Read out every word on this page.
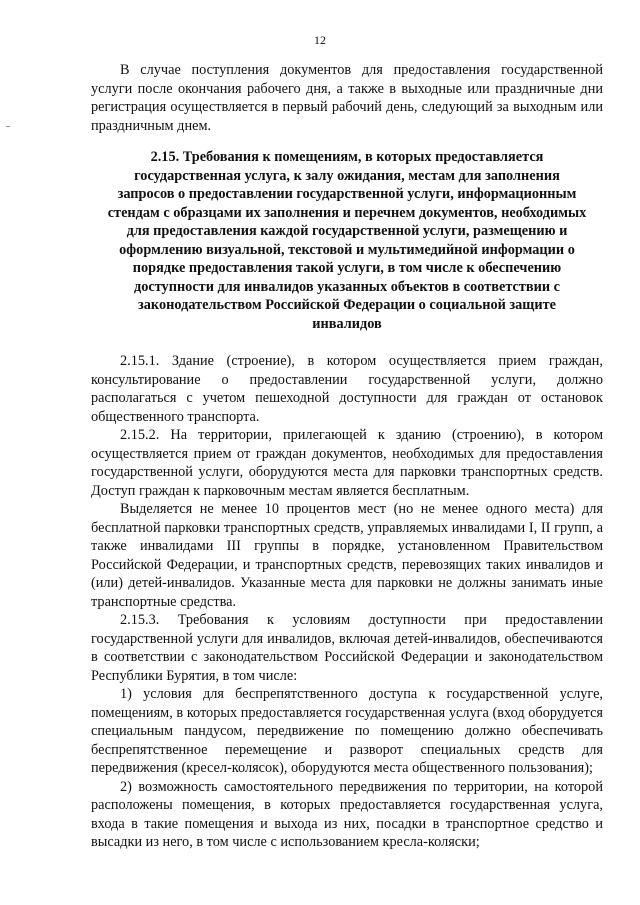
12

В случае поступления документов для предоставления государственной услуги после окончания рабочего дня, а также в выходные или праздничные дни регистрация осуществляется в первый рабочий день, следующий за выходным или праздничным днем.

2.15. Требования к помещениям, в которых предоставляется государственная услуга, к залу ожидания, местам для заполнения запросов о предоставлении государственной услуги, информационным стендам с образцами их заполнения и перечнем документов, необходимых для предоставления каждой государственной услуги, размещению и оформлению визуальной, текстовой и мультимедийной информации о порядке предоставления такой услуги, в том числе к обеспечению доступности для инвалидов указанных объектов в соответствии с законодательством Российской Федерации о социальной защите инвалидов

2.15.1. Здание (строение), в котором осуществляется прием граждан, консультирование о предоставлении государственной услуги, должно располагаться с учетом пешеходной доступности для граждан от остановок общественного транспорта.

2.15.2. На территории, прилегающей к зданию (строению), в котором осуществляется прием от граждан документов, необходимых для предоставления государственной услуги, оборудуются места для парковки транспортных средств. Доступ граждан к парковочным местам является бесплатным.

Выделяется не менее 10 процентов мест (но не менее одного места) для бесплатной парковки транспортных средств, управляемых инвалидами I, II групп, а также инвалидами III группы в порядке, установленном Правительством Российской Федерации, и транспортных средств, перевозящих таких инвалидов и (или) детей-инвалидов. Указанные места для парковки не должны занимать иные транспортные средства.

2.15.3. Требования к условиям доступности при предоставлении государственной услуги для инвалидов, включая детей-инвалидов, обеспечиваются в соответствии с законодательством Российской Федерации и законодательством Республики Бурятия, в том числе:

1) условия для беспрепятственного доступа к государственной услуге, помещениям, в которых предоставляется государственная услуга (вход оборудуется специальным пандусом, передвижение по помещению должно обеспечивать беспрепятственное перемещение и разворот специальных средств для передвижения (кресел-колясок), оборудуются места общественного пользования);

2) возможность самостоятельного передвижения по территории, на которой расположены помещения, в которых предоставляется государственная услуга, входа в такие помещения и выхода из них, посадки в транспортное средство и высадки из него, в том числе с использованием кресла-коляски;
